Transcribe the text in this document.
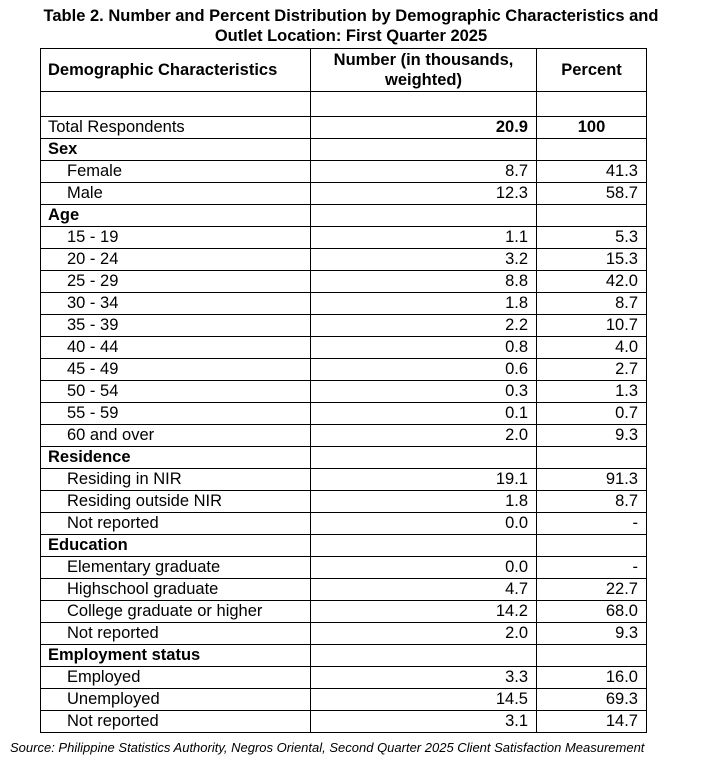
Table 2. Number and Percent Distribution by Demographic Characteristics and
Outlet Location: First Quarter 2025
Demographic Characteristics	Number (in thousands, weighted)	Percent

Total Respondents	20.9	100
Sex		
Female	8.7	41.3
Male	12.3	58.7
Age		
15 - 19	1.1	5.3
20 - 24	3.2	15.3
25 - 29	8.8	42.0
30 - 34	1.8	8.7
35 - 39	2.2	10.7
40 - 44	0.8	4.0
45 - 49	0.6	2.7
50 - 54	0.3	1.3
55 - 59	0.1	0.7
60 and over	2.0	9.3
Residence		
Residing in NIR	19.1	91.3
Residing outside NIR	1.8	8.7
Not reported	0.0	-
Education		
Elementary graduate	0.0	-
Highschool graduate	4.7	22.7
College graduate or higher	14.2	68.0
Not reported	2.0	9.3
Employment status		
Employed	3.3	16.0
Unemployed	14.5	69.3
Not reported	3.1	14.7
Source: Philippine Statistics Authority, Negros Oriental, Second Quarter 2025 Client Satisfaction Measurement
